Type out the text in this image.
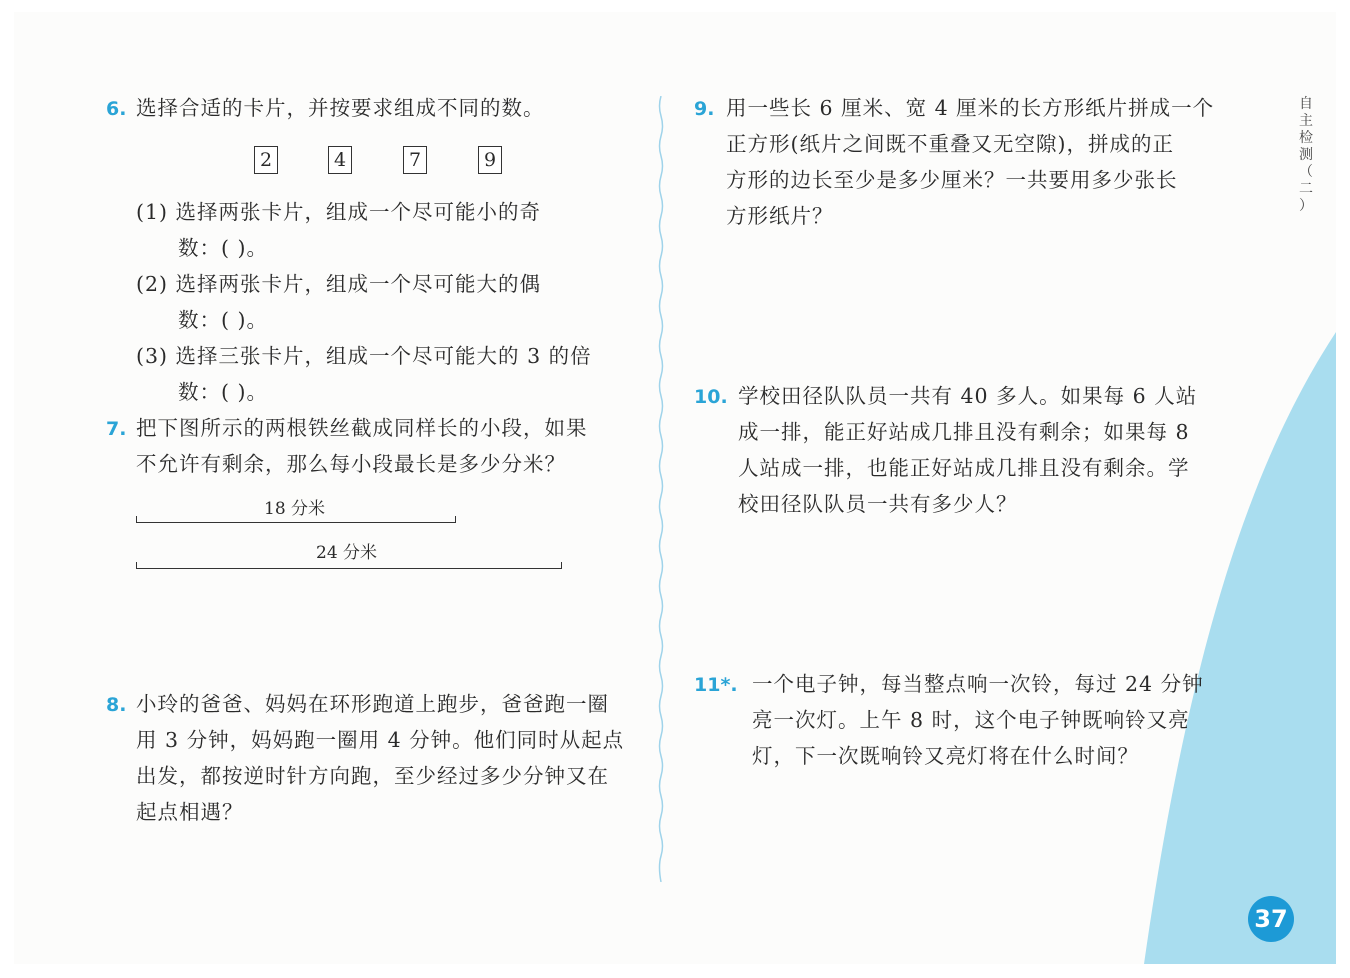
6. 选择合适的卡片，并按要求组成不同的数。
2	4	7	9
(1) 选择两张卡片，组成一个尽可能小的奇
数：( )。
(2) 选择两张卡片，组成一个尽可能大的偶
数：( )。
(3) 选择三张卡片，组成一个尽可能大的 3 的倍
数：( )。
7. 把下图所示的两根铁丝截成同样长的小段，如果
不允许有剩余，那么每小段最长是多少分米？
18 分米
24 分米
8. 小玲的爸爸、妈妈在环形跑道上跑步，爸爸跑一圈
用 3 分钟，妈妈跑一圈用 4 分钟。他们同时从起点
出发，都按逆时针方向跑，至少经过多少分钟又在
起点相遇？
9. 用一些长 6 厘米、宽 4 厘米的长方形纸片拼成一个
正方形(纸片之间既不重叠又无空隙)，拼成的正
方形的边长至少是多少厘米？一共要用多少张长
方形纸片？
10. 学校田径队队员一共有 40 多人。如果每 6 人站
成一排，能正好站成几排且没有剩余；如果每 8
人站成一排，也能正好站成几排且没有剩余。学
校田径队队员一共有多少人？
11*. 一个电子钟，每当整点响一次铃，每过 24 分钟
亮一次灯。上午 8 时，这个电子钟既响铃又亮
灯，下一次既响铃又亮灯将在什么时间？
自
主
检
测
（
二
）
37
